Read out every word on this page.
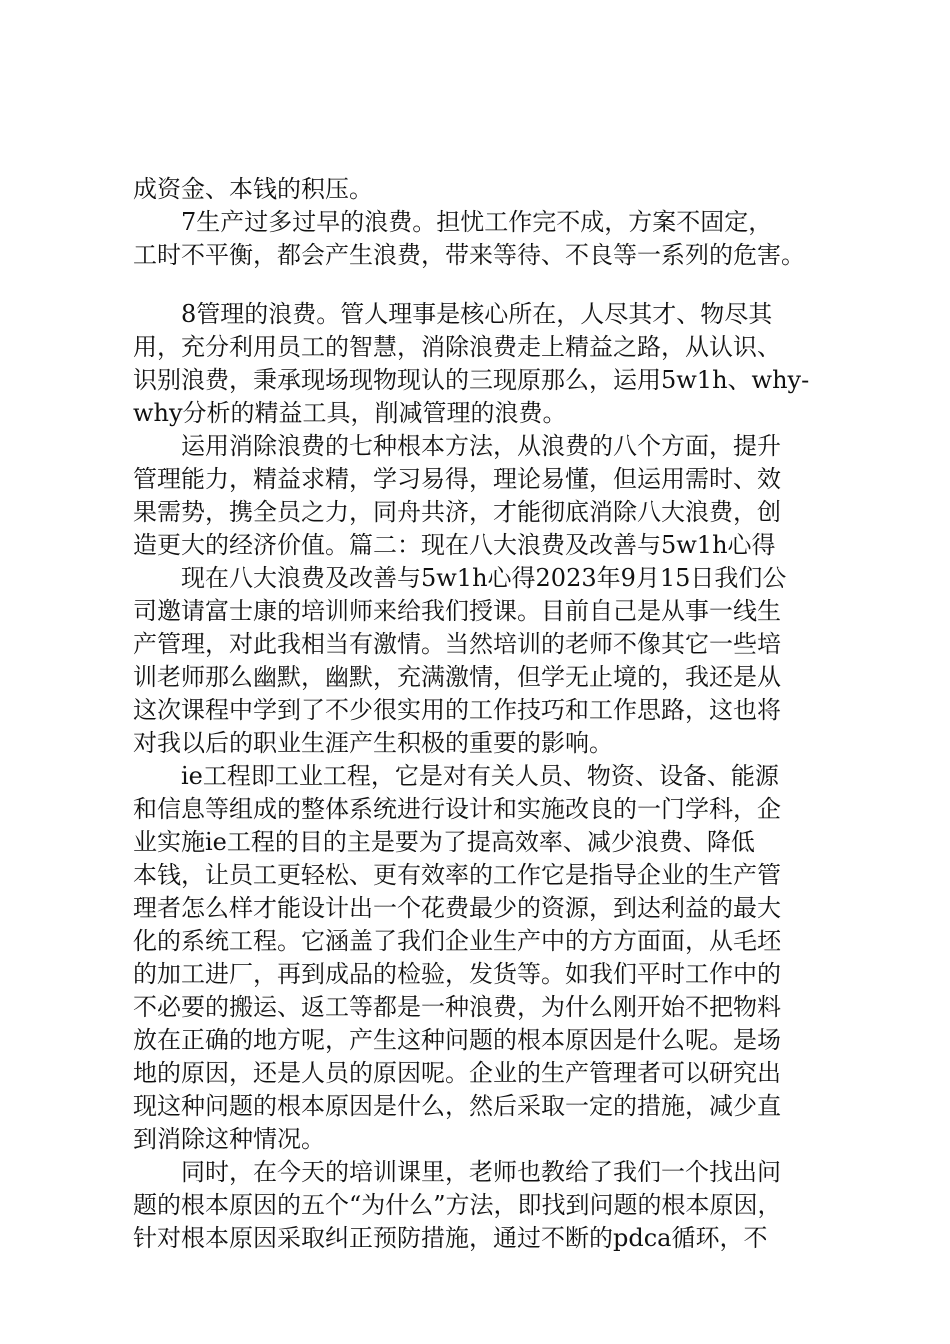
成资金、本钱的积压。
7生产过多过早的浪费。担忧工作完不成，方案不固定，
工时不平衡，都会产生浪费，带来等待、不良等一系列的危害。
8管理的浪费。管人理事是核心所在，人尽其才、物尽其
用，充分利用员工的智慧，消除浪费走上精益之路，从认识、
识别浪费，秉承现场现物现认的三现原那么，运用5w1h、why-
why分析的精益工具，削减管理的浪费。
运用消除浪费的七种根本方法，从浪费的八个方面，提升
管理能力，精益求精，学习易得，理论易懂，但运用需时、效
果需势，携全员之力，同舟共济，才能彻底消除八大浪费，创
造更大的经济价值。篇二：现在八大浪费及改善与5w1h心得
现在八大浪费及改善与5w1h心得2023年9月15日我们公
司邀请富士康的培训师来给我们授课。目前自己是从事一线生
产管理，对此我相当有激情。当然培训的老师不像其它一些培
训老师那么幽默，幽默，充满激情，但学无止境的，我还是从
这次课程中学到了不少很实用的工作技巧和工作思路，这也将
对我以后的职业生涯产生积极的重要的影响。
ie工程即工业工程，它是对有关人员、物资、设备、能源
和信息等组成的整体系统进行设计和实施改良的一门学科，企
业实施ie工程的目的主是要为了提高效率、减少浪费、降低
本钱，让员工更轻松、更有效率的工作它是指导企业的生产管
理者怎么样才能设计出一个花费最少的资源，到达利益的最大
化的系统工程。它涵盖了我们企业生产中的方方面面，从毛坯
的加工进厂，再到成品的检验，发货等。如我们平时工作中的
不必要的搬运、返工等都是一种浪费，为什么刚开始不把物料
放在正确的地方呢，产生这种问题的根本原因是什么呢。是场
地的原因，还是人员的原因呢。企业的生产管理者可以研究出
现这种问题的根本原因是什么，然后采取一定的措施，减少直
到消除这种情况。
同时，在今天的培训课里，老师也教给了我们一个找出问
题的根本原因的五个“为什么”方法，即找到问题的根本原因，
针对根本原因采取纠正预防措施，通过不断的pdca循环，不
